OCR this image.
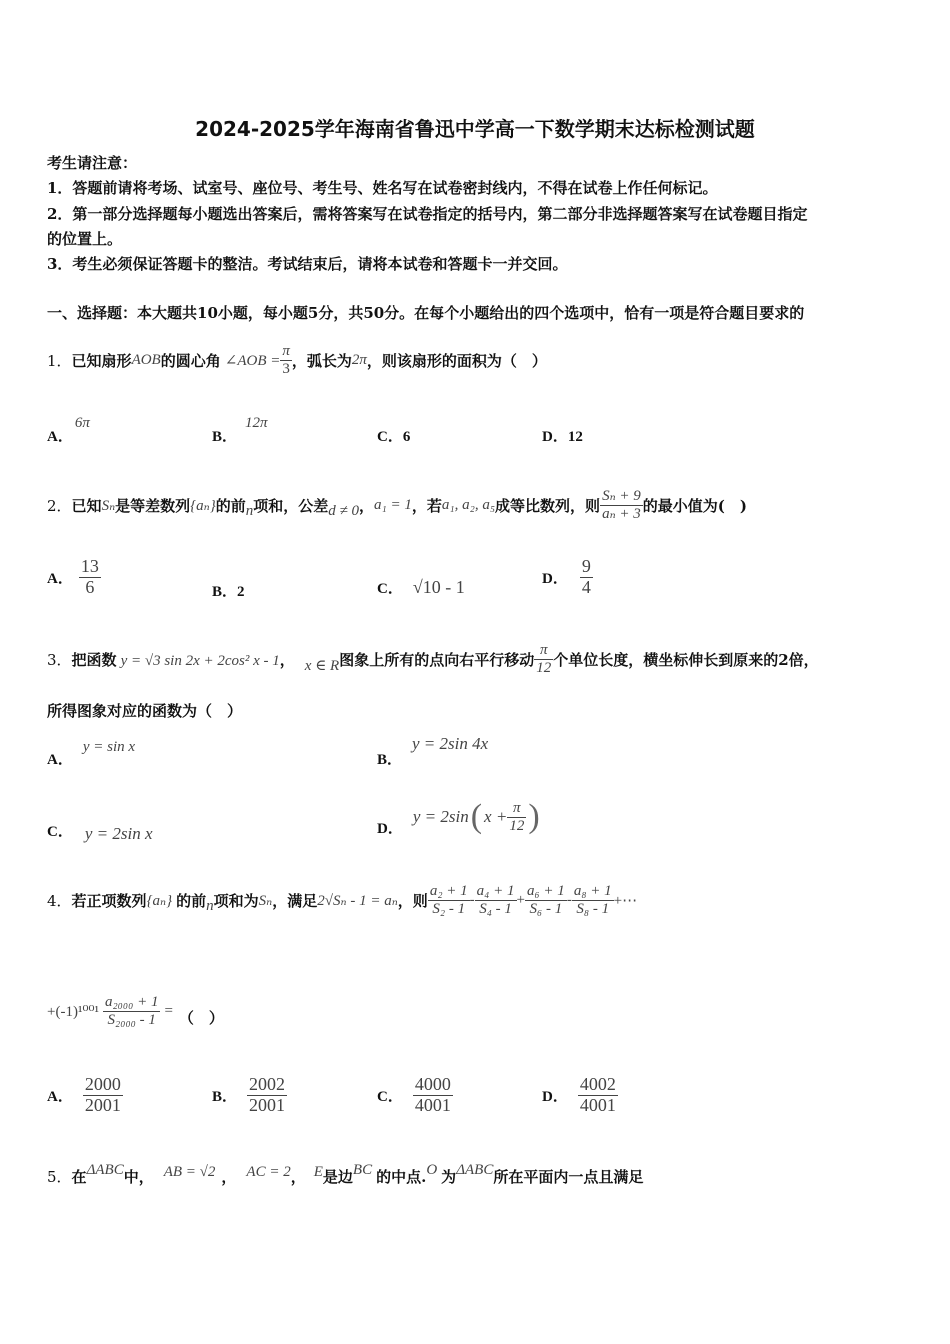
2024-2025学年海南省鲁迅中学高一下数学期末达标检测试题
考生请注意：
1．答题前请将考场、试室号、座位号、考生号、姓名写在试卷密封线内，不得在试卷上作任何标记。
2．第一部分选择题每小题选出答案后，需将答案写在试卷指定的括号内，第二部分非选择题答案写在试卷题目指定
的位置上。
3．考生必须保证答题卡的整洁。考试结束后，请将本试卷和答题卡一并交回。
一、选择题：本大题共10小题，每小题5分，共50分。在每个小题给出的四个选项中，恰有一项是符合题目要求的
1． 已知扇形 AOB 的圆心角 ∠AOB = $\frac{\pi}{3}$ ，弧长为 2π ，则该扇形的面积为（　）
A．6π
B．12π
C．6	D．12
2． 已知 Sₙ 是等差数列 {aₙ} 的前 n 项和，公差 d ≠ 0 ， a₁ = 1 ，若 a₁, a₂, a₅ 成等比数列，则 $\frac{\text{Sₙ + 9}}{\text{aₙ + 3}}$ 的最小值为(　)
A． $\frac{13}{6}$	B．2	C． √10 - 1	D． $\frac{9}{4}$
3． 把函数 y = √3 sin 2x + 2cos² x - 1 ， x ∈ R 图象上所有的点向右平行移动 $\frac{\pi}{12}$ 个单位长度，横坐标伸长到原来的2倍，
所得图象对应的函数为（　）
A．y = sin x
B．y = 2sin 4x
C． y = 2sin x	D．
y = 2sin ( $x + \frac{\pi}{12}$ )
4． 若正项数列 {aₙ} 的前 n 项和为 Sₙ ，满足 2√Sₙ - 1 = aₙ ，则 $\frac{\text{a₂ + 1}}{\text{S₂ - 1}} - \frac{\text{a₄ + 1}}{\text{S₄ - 1}} + \frac{\text{a₆ + 1}}{\text{S₆ - 1}} - \frac{\text{a₈ + 1}}{\text{S₈ - 1}}$ +⋯
$+(-1)^{1001} \frac{\text{a₂₀₀₀ + 1}}{\text{S₂₀₀₀ - 1}}$ = （　）
A． $\frac{2000}{2001}$	B． $\frac{2002}{2001}$	C． $\frac{4000}{4001}$	D． $\frac{4002}{4001}$
5． 在 ΔABC 中， AB = √2 ， AC = 2 ， E 是边 BC 的中点. O 为 ΔABC 所在平面内一点且满足
